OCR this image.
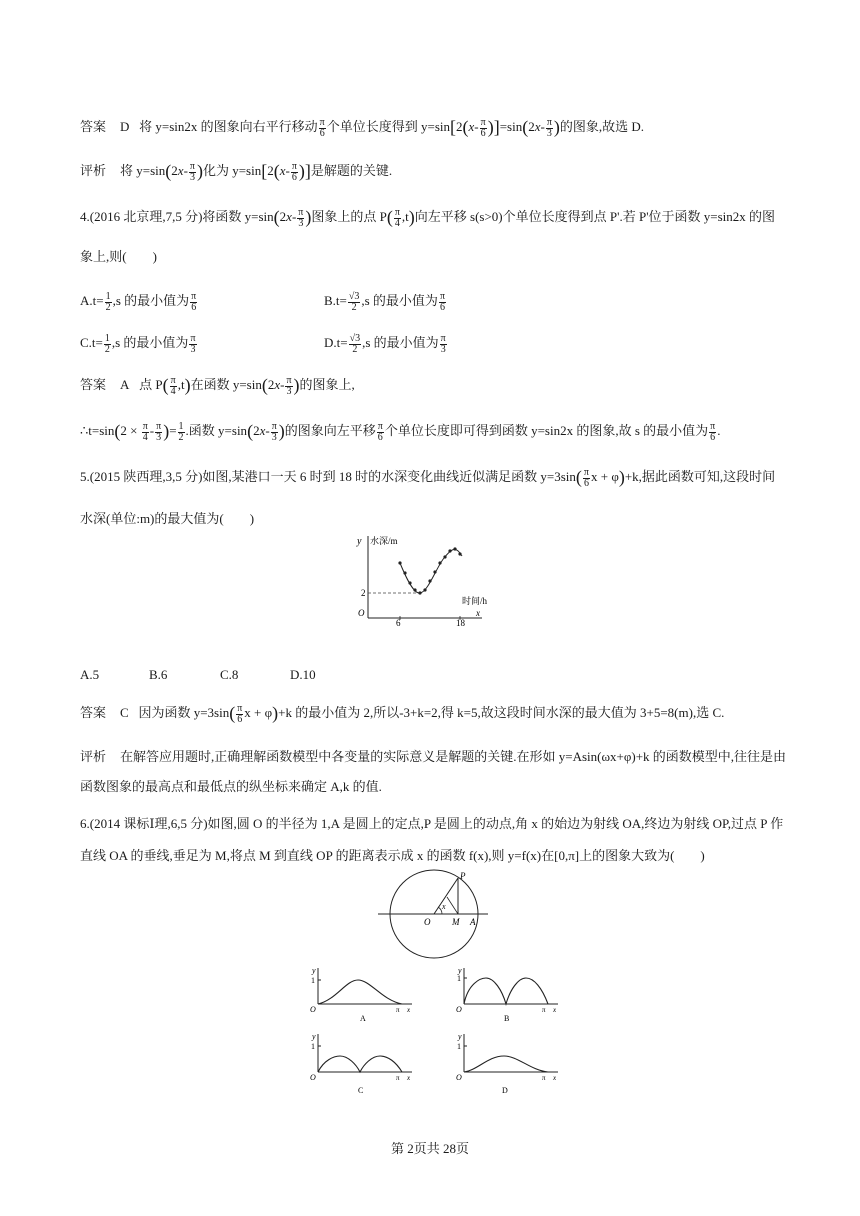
答案 D 将 y=sin2x 的图象向右平行移动 $\frac{\pi}{6}$ 个单位长度得到 $y=\sin[2(x- \frac{\pi}{6} )]=\sin(2x- \frac{\pi}{3}$ )的图象,故选 D.
评析 将 $y=\sin(2x- \frac{\pi}{3}$ )化为 $y=\sin[2(x- \frac{\pi}{6}$ )]是解题的关键.
4.(2016 北京理,7,5 分)将函数 $y=\sin(2x- \frac{\pi}{3}$ )图象上的点 $P( \frac{\pi}{4} ,t)$向左平移 s(s>0)个单位长度得到点 P'.若 P'位于函数 y=sin2x 的图
象上,则(　　)
$A.t= \frac{1}{2} ,s$ 的最小值为 $\frac{\pi}{6}$	$B.t= \frac{√3}{2} ,s$ 的最小值为 $\frac{\pi}{6}$
$C.t= \frac{1}{2} ,s$ 的最小值为 $\frac{\pi}{3}$	$D.t= \frac{√3}{2} ,s$ 的最小值为 $\frac{\pi}{3}$
答案 A 点 $P( \frac{\pi}{4} ,t)$在函数 $y=\sin(2x- \frac{\pi}{3}$ )的图象上,
∴t=sin(2 × $\frac{\pi}{4} - \frac{\pi}{3}$ )= $\frac{1}{2}$ .函数 $y=\sin(2x- \frac{\pi}{3}$ )的图象向左平移 $\frac{\pi}{6}$ 个单位长度即可得到函数 y=sin2x 的图象,故 s 的最小值为 $\frac{\pi}{6}$ .
5.(2015 陕西理,3,5 分)如图,某港口一天 6 时到 18 时的水深变化曲线近似满足函数 $y=3\sin( \frac{\pi}{6}$ x + φ)+k,据此函数可知,这段时间
水深(单位:m)的最大值为(　　)
y 水深/m
时间/h
O	x
2
6	18
A.5	B.6	C.8	D.10
答案 C 因为函数 $y=3\sin( \frac{\pi}{6}$ x + φ)+k 的最小值为 2,所以-3+k=2,得 k=5,故这段时间水深的最大值为 3+5=8(m),选 C.
评析 在解答应用题时,正确理解函数模型中各变量的实际意义是解题的关键.在形如 y=Asin(ωx+φ)+k 的函数模型中,往往是由函数图象的最高点和最低点的纵坐标来确定 A,k 的值.
6.(2014 课标Ⅰ理,6,5 分)如图,圆 O 的半径为 1,A 是圆上的定点,P 是圆上的动点,角 x 的始边为射线 OA,终边为射线 OP,过点 P 作直线 OA 的垂线,垂足为 M,将点 M 到直线 OP 的距离表示成 x 的函数 f(x),则 y=f(x)在[0,π]上的图象大致为(　　)
P
O M A
x
y
1
O	π x
A
y
1
O	π x
B
y
1
O	π x
C
y
1
O	π x
D
第 2页共 28页
